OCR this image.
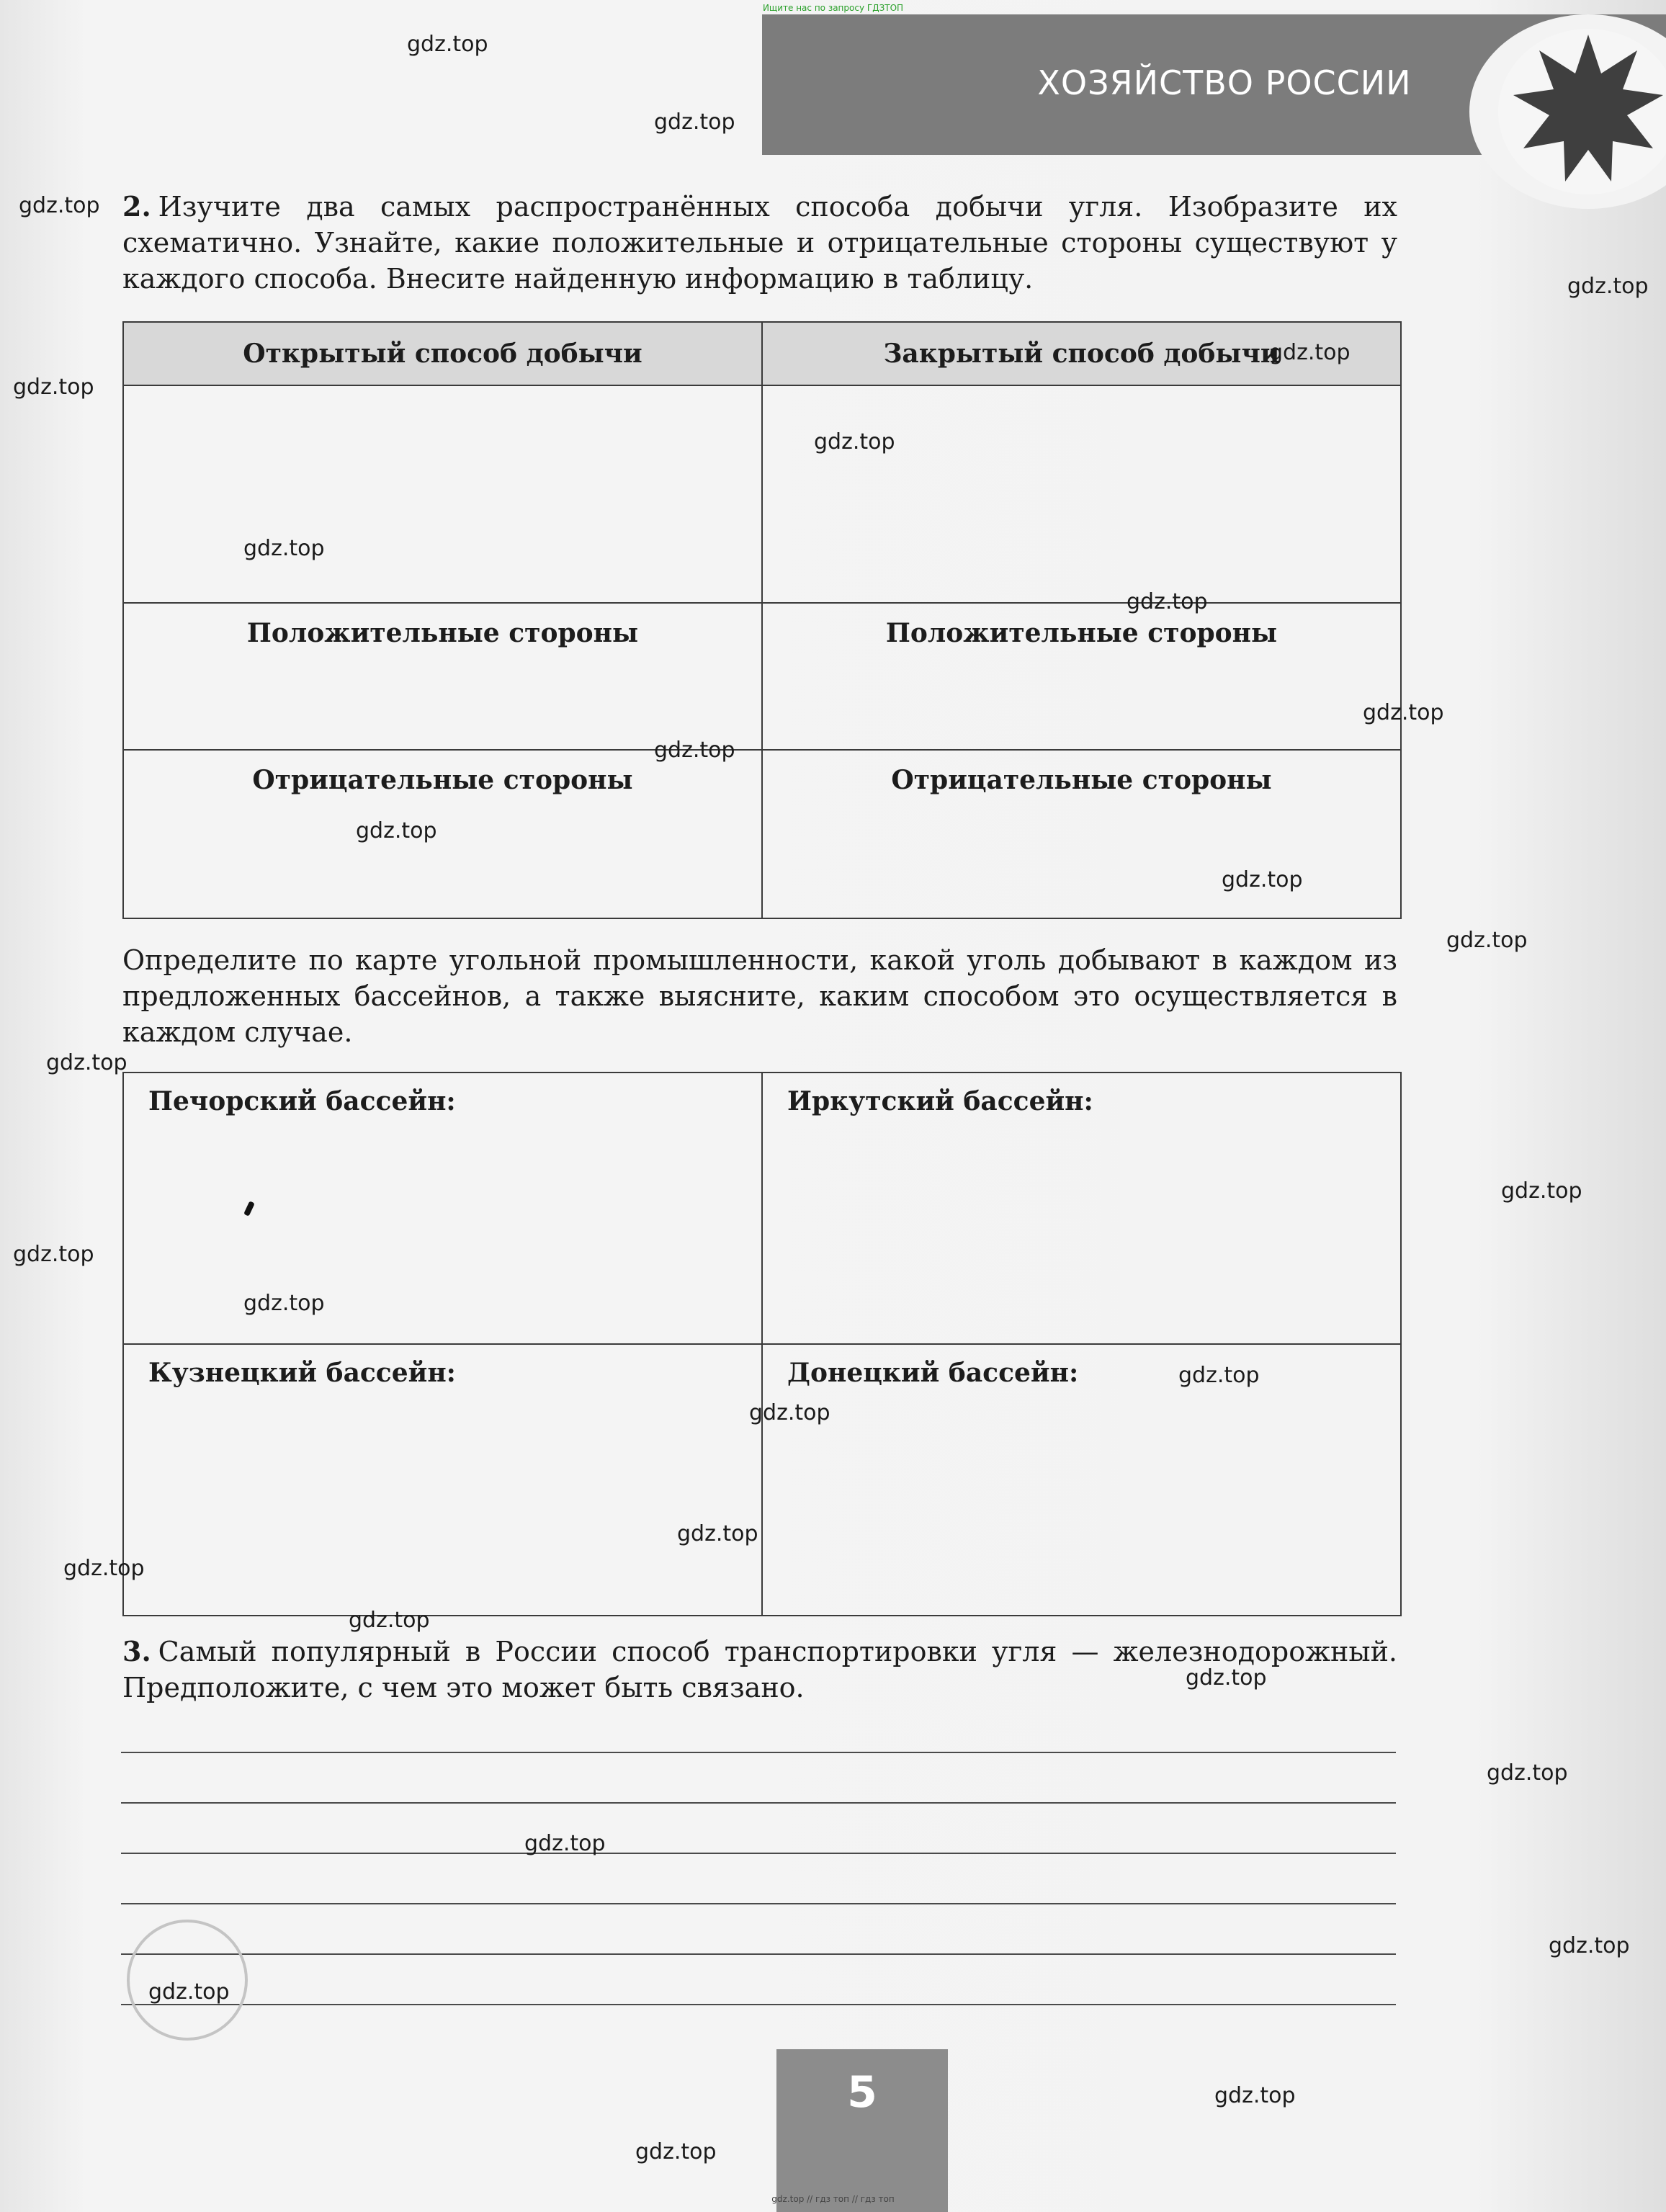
Ищите нас по запросу ГДЗТОП
ХОЗЯЙСТВО РОССИИ

2. Изучите два самых распространённых способа добычи угля. Изобразите их схематично. Узнайте, какие положительные и отрицательные стороны существуют у каждого способа. Внесите найденную информацию в таблицу.

Открытый способ добычи	Закрытый способ добычи

Положительные стороны	Положительные стороны

Отрицательные стороны	Отрицательные стороны

Определите по карте угольной промышленности, какой уголь добывают в каждом из предложенных бассейнов, а также выясните, каким способом это осуществляется в каждом случае.

Печорский бассейн:	Иркутский бассейн:

Кузнецкий бассейн:	Донецкий бассейн:

3. Самый популярный в России способ транспортировки угля — железнодорожный. Предположите, с чем это может быть связано.

5
gdz.top
gdz.top
gdz.top
gdz.top
gdz.top
gdz.top
gdz.top
gdz.top
gdz.top
gdz.top
gdz.top
gdz.top
gdz.top
gdz.top
gdz.top
gdz.top
gdz.top
gdz.top
gdz.top
gdz.top
gdz.top
gdz.top
gdz.top
gdz.top
gdz.top
gdz.top
gdz.top
gdz.top
gdz.top
gdz.top
gdz.top // гдз топ // гдз топ
